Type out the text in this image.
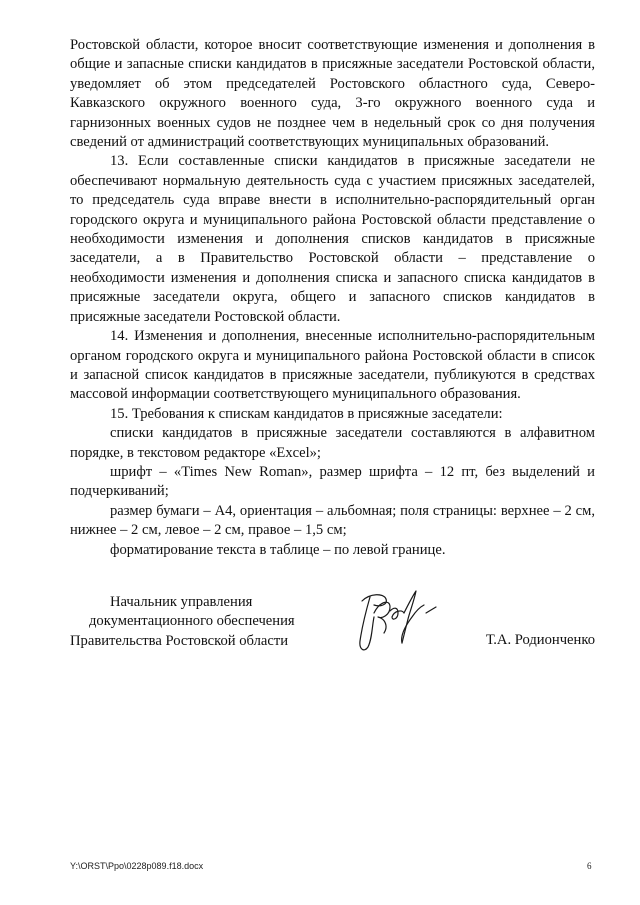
Ростовской области, которое вносит соответствующие изменения и дополнения в общие и запасные списки кандидатов в присяжные заседатели Ростовской области, уведомляет об этом председателей Ростовского областного суда, Северо-Кавказского окружного военного суда, 3-го окружного военного суда и гарнизонных военных судов не позднее чем в недельный срок со дня получения сведений от администраций соответствующих муниципальных образований.

13. Если составленные списки кандидатов в присяжные заседатели не обеспечивают нормальную деятельность суда с участием присяжных заседателей, то председатель суда вправе внести в исполнительно-распорядительный орган городского округа и муниципального района Ростовской области представление о необходимости изменения и дополнения списков кандидатов в присяжные заседатели, а в Правительство Ростовской области – представление о необходимости изменения и дополнения списка и запасного списка кандидатов в присяжные заседатели округа, общего и запасного списков кандидатов в присяжные заседатели Ростовской области.

14. Изменения и дополнения, внесенные исполнительно-распорядительным органом городского округа и муниципального района Ростовской области в список и запасной список кандидатов в присяжные заседатели, публикуются в средствах массовой информации соответствующего муниципального образования.

15. Требования к спискам кандидатов в присяжные заседатели:

списки кандидатов в присяжные заседатели составляются в алфавитном порядке, в текстовом редакторе «Excel»;

шрифт – «Times New Roman», размер шрифта – 12 пт, без выделений и подчеркиваний;

размер бумаги – А4, ориентация – альбомная; поля страницы: верхнее – 2 см, нижнее – 2 см, левое – 2 см, правое – 1,5 см;

форматирование текста в таблице – по левой границе.

Начальник управления
документационного обеспечения
Правительства Ростовской области	Т.А. Родионченко
Y:\ORST\Ppo\0228p089.f18.docx	6
